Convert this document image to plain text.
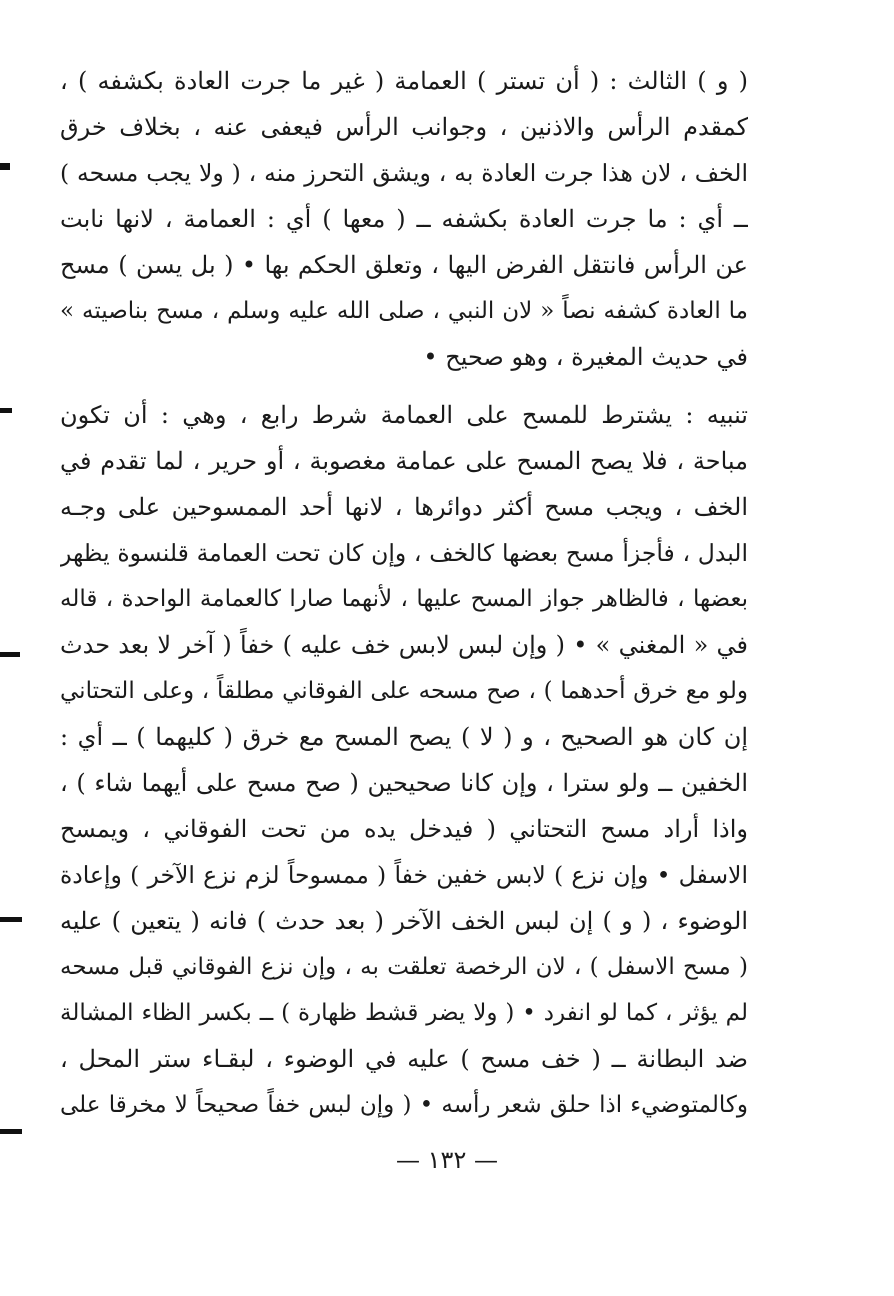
( و ) الثالث : ( أن تستر ) العمامة ( غير ما جرت العادة بكشفه ) ،
كمقدم الرأس والاذنين ، وجوانب الرأس فيعفى عنه ، بخلاف خرق
الخف ، لان هذا جرت العادة به ، ويشق التحرز منه ، ( ولا يجب مسحه )
ــ أي : ما جرت العادة بكشفه ــ ( معها ) أي : العمامة ، لانها نابت
عن الرأس فانتقل الفرض اليها ، وتعلق الحكم بها • ( بل يسن ) مسح
ما العادة كشفه نصاً « لان النبي ، صلى الله عليه وسلم ، مسح بناصيته »
في حديث المغيرة ، وهو صحيح •
تنبيه : يشترط للمسح على العمامة شرط رابع ، وهي : أن تكون
مباحة ، فلا يصح المسح على عمامة مغصوبة ، أو حرير ، لما تقدم في
الخف ، ويجب مسح أكثر دوائرها ، لانها أحد الممسوحين على وجـه
البدل ، فأجزأ مسح بعضها كالخف ، وإن كان تحت العمامة قلنسوة يظهر
بعضها ، فالظاهر جواز المسح عليها ، لأنهما صارا كالعمامة الواحدة ، قاله
في « المغني » • ( وإن لبس لابس خف عليه ) خفاً ( آخر لا بعد حدث
ولو مع خرق أحدهما ) ، صح مسحه على الفوقاني مطلقاً ، وعلى التحتاني
إن كان هو الصحيح ، و ( لا ) يصح المسح مع خرق ( كليهما ) ــ أي :
الخفين ــ ولو سترا ، وإن كانا صحيحين ( صح مسح على أيهما شاء ) ،
واذا أراد مسح التحتاني ( فيدخل يده من تحت الفوقاني ، ويمسح
الاسفل • وإن نزع ) لابس خفين خفاً ( ممسوحاً لزم نزع الآخر ) وإعادة
الوضوء ، ( و ) إن لبس الخف الآخر ( بعد حدث ) فانه ( يتعين ) عليه
( مسح الاسفل ) ، لان الرخصة تعلقت به ، وإن نزع الفوقاني قبل مسحه
لم يؤثر ، كما لو انفرد • ( ولا يضر قشط ظهارة ) ــ بكسر الظاء المشالة
ضد البطانة ــ ( خف مسح ) عليه في الوضوء ، لبقـاء ستر المحل ،
وكالمتوضيء اذا حلق شعر رأسه • ( وإن لبس خفاً صحيحاً لا مخرقا على
— ١٣٢ —
